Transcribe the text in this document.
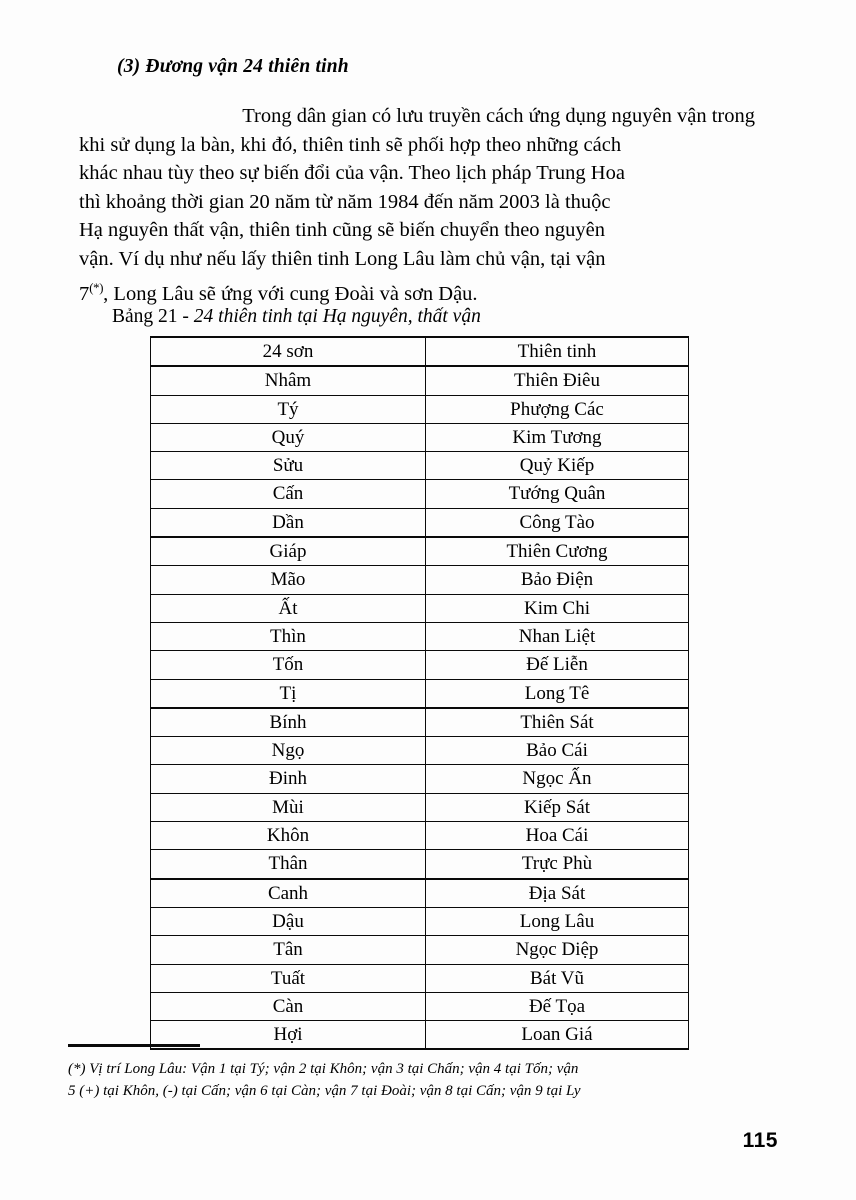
(3) Đương vận 24 thiên tinh
Trong dân gian có lưu truyền cách ứng dụng nguyên vận trong
khi sử dụng la bàn, khi đó, thiên tinh sẽ phối hợp theo những cách
khác nhau tùy theo sự biến đổi của vận. Theo lịch pháp Trung Hoa
thì khoảng thời gian 20 năm từ năm 1984 đến năm 2003 là thuộc
Hạ nguyên thất vận, thiên tinh cũng sẽ biến chuyển theo nguyên
vận. Ví dụ như nếu lấy thiên tinh Long Lâu làm chủ vận, tại vận
7(*), Long Lâu sẽ ứng với cung Đoài và sơn Dậu.
Bảng 21 - 24 thiên tinh tại Hạ nguyên, thất vận
24 sơn	Thiên tinh
Nhâm	Thiên Điêu
Tý	Phượng Các
Quý	Kim Tương
Sửu	Quỷ Kiếp
Cấn	Tướng Quân
Dần	Công Tào
Giáp	Thiên Cương
Mão	Bảo Điện
Ất	Kim Chi
Thìn	Nhan Liệt
Tốn	Đế Liễn
Tị	Long Tê
Bính	Thiên Sát
Ngọ	Bảo Cái
Đinh	Ngọc Ấn
Mùi	Kiếp Sát
Khôn	Hoa Cái
Thân	Trực Phù
Canh	Địa Sát
Dậu	Long Lâu
Tân	Ngọc Diệp
Tuất	Bát Vũ
Càn	Đế Tọa
Hợi	Loan Giá
(*) Vị trí Long Lâu: Vận 1 tại Tý; vận 2 tại Khôn; vận 3 tại Chấn; vận 4 tại Tốn; vận
5 (+) tại Khôn, (-) tại Cấn; vận 6 tại Càn; vận 7 tại Đoài; vận 8 tại Cấn; vận 9 tại Ly
115
